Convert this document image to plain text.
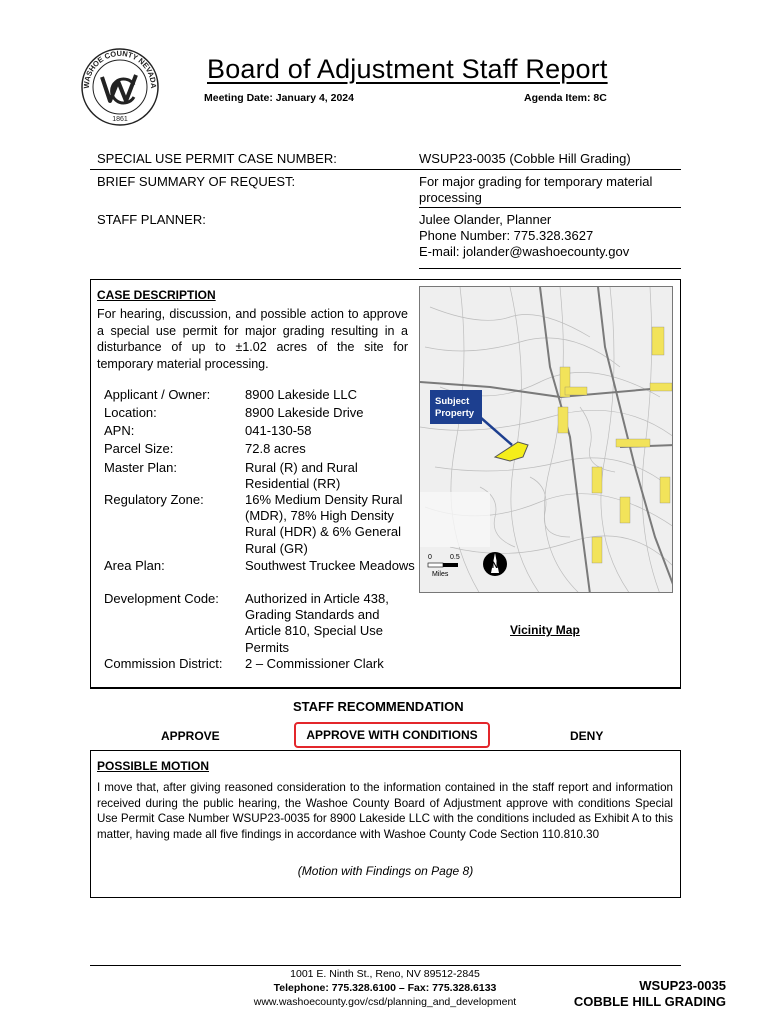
WASHOE COUNTY NEVADA
1861
Board of Adjustment Staff Report
Meeting Date: January 4, 2024	Agenda Item: 8C
SPECIAL USE PERMIT CASE NUMBER:	WSUP23-0035 (Cobble Hill Grading)
BRIEF SUMMARY OF REQUEST:	For major grading for temporary material processing
STAFF PLANNER:	Julee Olander, Planner
Phone Number: 775.328.3627
E-mail: jolander@washoecounty.gov
CASE DESCRIPTION
For hearing, discussion, and possible action to approve a special use permit for major grading resulting in a disturbance of up to ±1.02 acres of the site for temporary material processing.
Applicant / Owner:	8900 Lakeside LLC
Location:	8900 Lakeside Drive
APN:	041-130-58
Parcel Size:	72.8 acres
Master Plan:	Rural (R) and Rural Residential (RR)
Regulatory Zone:	16% Medium Density Rural (MDR), 78% High Density Rural (HDR) & 6% General Rural (GR)
Area Plan:	Southwest Truckee Meadows
Development Code: Authorized in Article 438, Grading Standards and Article 810, Special Use Permits
Commission District: 2 – Commissioner Clark
Subject Property
0	0.5
Miles
N
Vicinity Map
STAFF RECOMMENDATION
APPROVE	APPROVE WITH CONDITIONS	DENY
POSSIBLE MOTION
I move that, after giving reasoned consideration to the information contained in the staff report and information received during the public hearing, the Washoe County Board of Adjustment approve with conditions Special Use Permit Case Number WSUP23-0035 for 8900 Lakeside LLC with the conditions included as Exhibit A to this matter, having made all five findings in accordance with Washoe County Code Section 110.810.30
(Motion with Findings on Page 8)
1001 E. Ninth St., Reno, NV 89512-2845
Telephone: 775.328.6100 – Fax: 775.328.6133
www.washoecounty.gov/csd/planning_and_development
WSUP23-0035
COBBLE HILL GRADING
